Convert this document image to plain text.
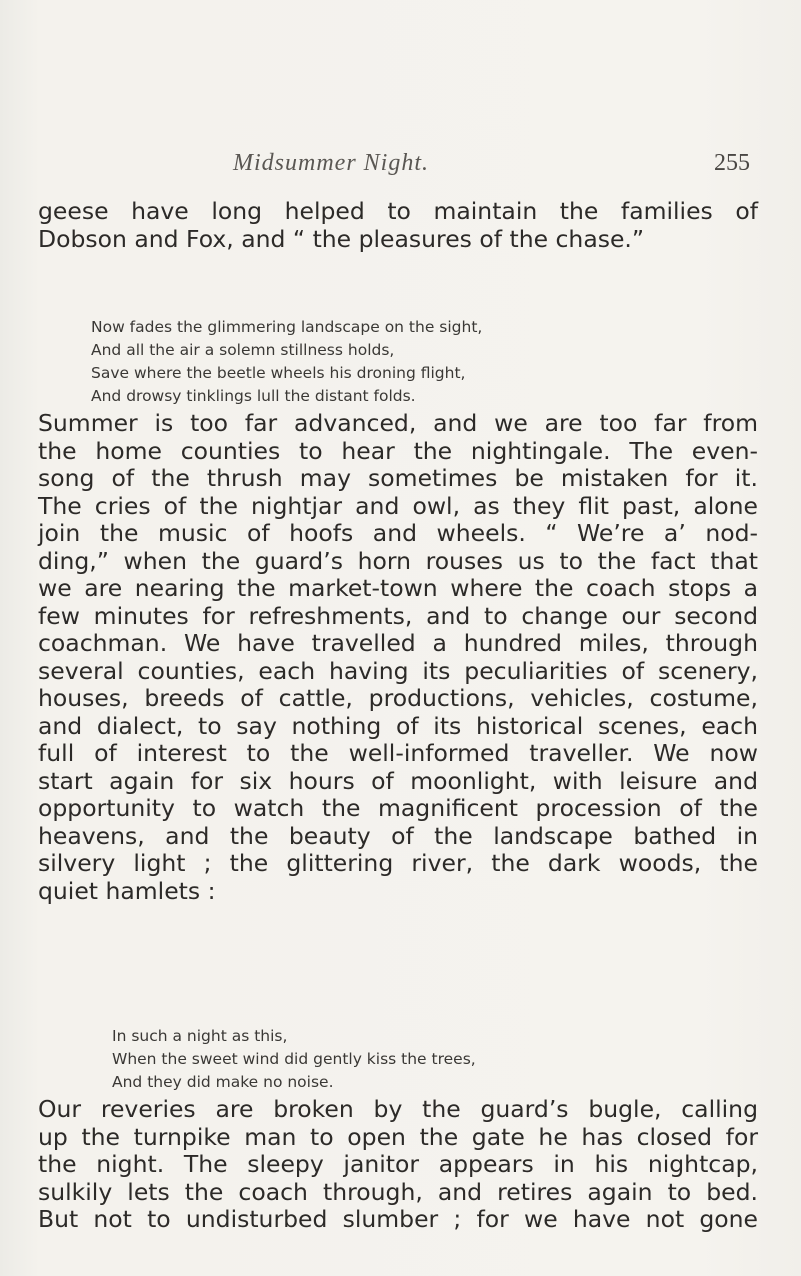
Midsummer Night.	255

geese have long helped to maintain the families of
Dobson and Fox, and “ the pleasures of the chase.”

Now fades the glimmering landscape on the sight,
And all the air a solemn stillness holds,
Save where the beetle wheels his droning flight,
And drowsy tinklings lull the distant folds.

Summer is too far advanced, and we are too far from
the home counties to hear the nightingale. The even-
song of the thrush may sometimes be mistaken for it.
The cries of the nightjar and owl, as they flit past, alone
join the music of hoofs and wheels. “ We’re a’ nod-
ding,” when the guard’s horn rouses us to the fact that
we are nearing the market-town where the coach stops a
few minutes for refreshments, and to change our second
coachman. We have travelled a hundred miles, through
several counties, each having its peculiarities of scenery,
houses, breeds of cattle, productions, vehicles, costume,
and dialect, to say nothing of its historical scenes, each
full of interest to the well-informed traveller. We now
start again for six hours of moonlight, with leisure and
opportunity to watch the magnificent procession of the
heavens, and the beauty of the landscape bathed in
silvery light ; the glittering river, the dark woods, the
quiet hamlets :

In such a night as this,
When the sweet wind did gently kiss the trees,
And they did make no noise.

Our reveries are broken by the guard’s bugle, calling
up the turnpike man to open the gate he has closed for
the night. The sleepy janitor appears in his nightcap,
sulkily lets the coach through, and retires again to bed.
But not to undisturbed slumber ; for we have not gone
